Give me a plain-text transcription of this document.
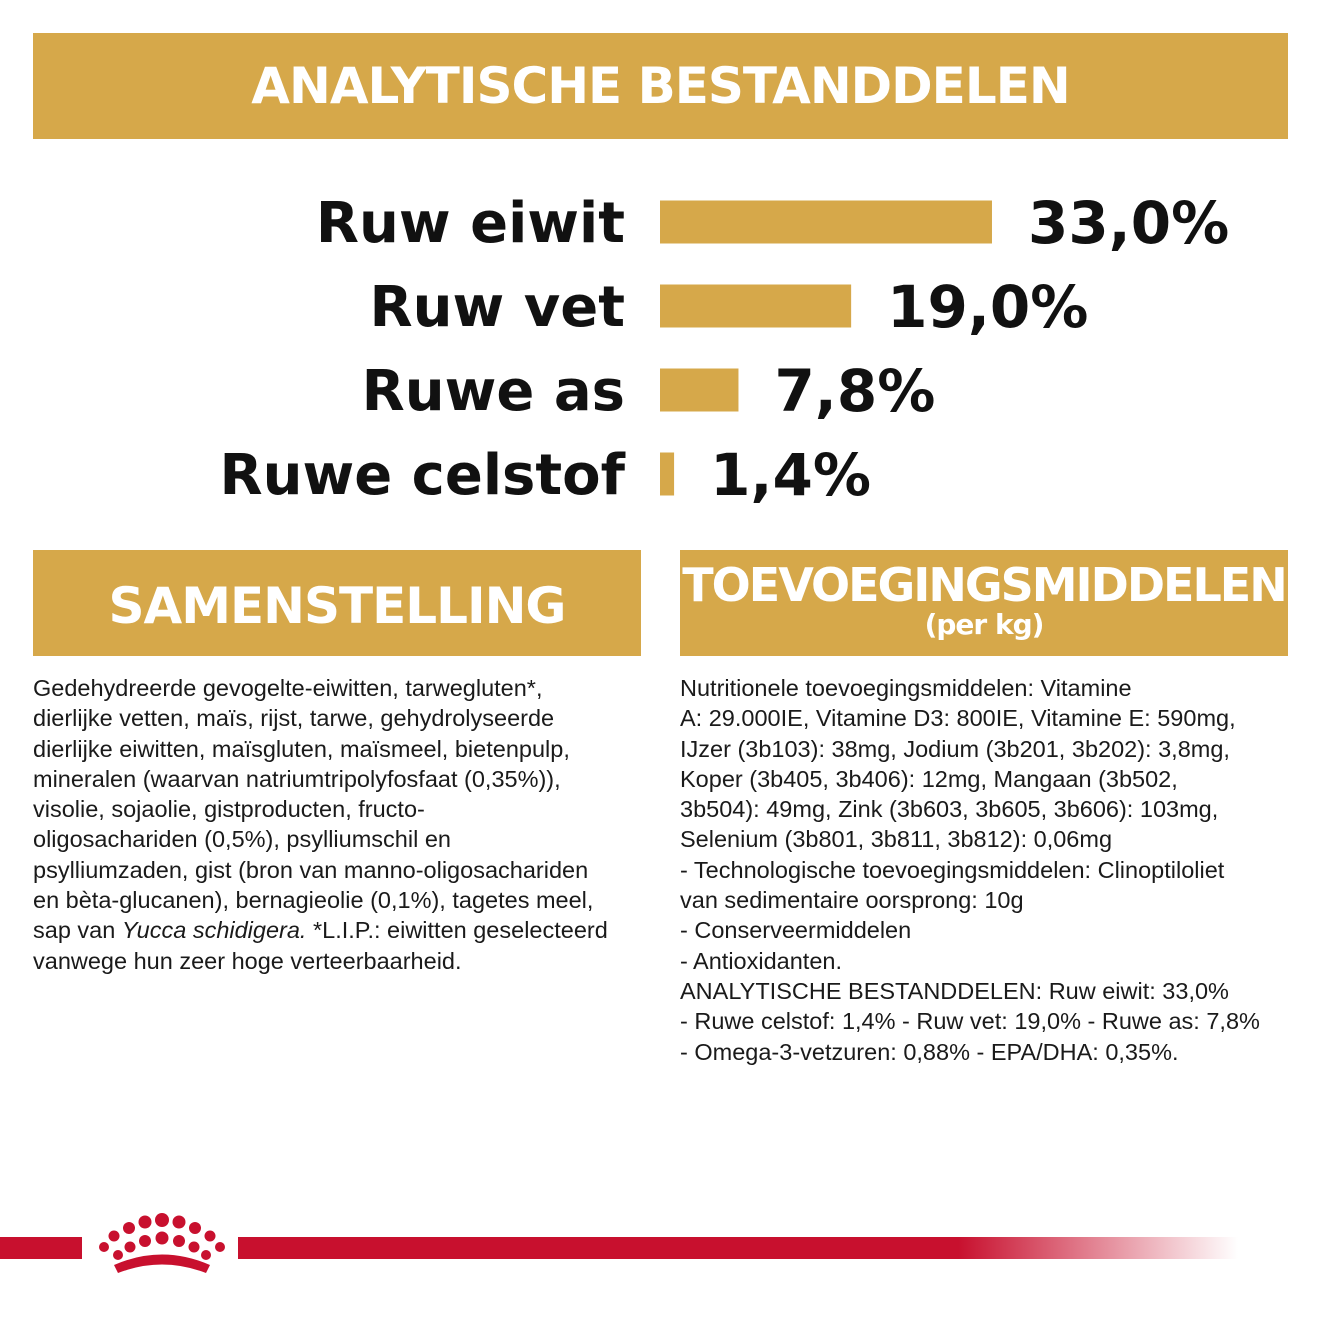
ANALYTISCHE BESTANDDELEN
Ruw eiwit	33,0%
Ruw vet	19,0%
Ruwe as	7,8%
Ruwe celstof 1,4%
SAMENSTELLING	TOEVOEGINGSMIDDELEN
(per kg)

Gedehydreerde gevogelte-eiwitten, tarwegluten*,
dierlijke vetten, maïs, rijst, tarwe, gehydrolyseerde
dierlijke eiwitten, maïsgluten, maïsmeel, bietenpulp,
mineralen (waarvan natriumtripolyfosfaat (0,35%)),
visolie, sojaolie, gistproducten, fructo-
oligosachariden (0,5%), psylliumschil en
psylliumzaden, gist (bron van manno-oligosachariden
en bèta-glucanen), bernagieolie (0,1%), tagetes meel,
sap van Yucca schidigera. *L.I.P.: eiwitten geselecteerd
vanwege hun zeer hoge verteerbaarheid.

Nutritionele toevoegingsmiddelen: Vitamine
A: 29.000IE, Vitamine D3: 800IE, Vitamine E: 590mg,
IJzer (3b103): 38mg, Jodium (3b201, 3b202): 3,8mg,
Koper (3b405, 3b406): 12mg, Mangaan (3b502,
3b504): 49mg, Zink (3b603, 3b605, 3b606): 103mg,
Selenium (3b801, 3b811, 3b812): 0,06mg
- Technologische toevoegingsmiddelen: Clinoptiloliet
van sedimentaire oorsprong: 10g
- Conserveermiddelen
- Antioxidanten.
ANALYTISCHE BESTANDDELEN: Ruw eiwit: 33,0%
- Ruwe celstof: 1,4% - Ruw vet: 19,0% - Ruwe as: 7,8%
- Omega-3-vetzuren: 0,88% - EPA/DHA: 0,35%.
